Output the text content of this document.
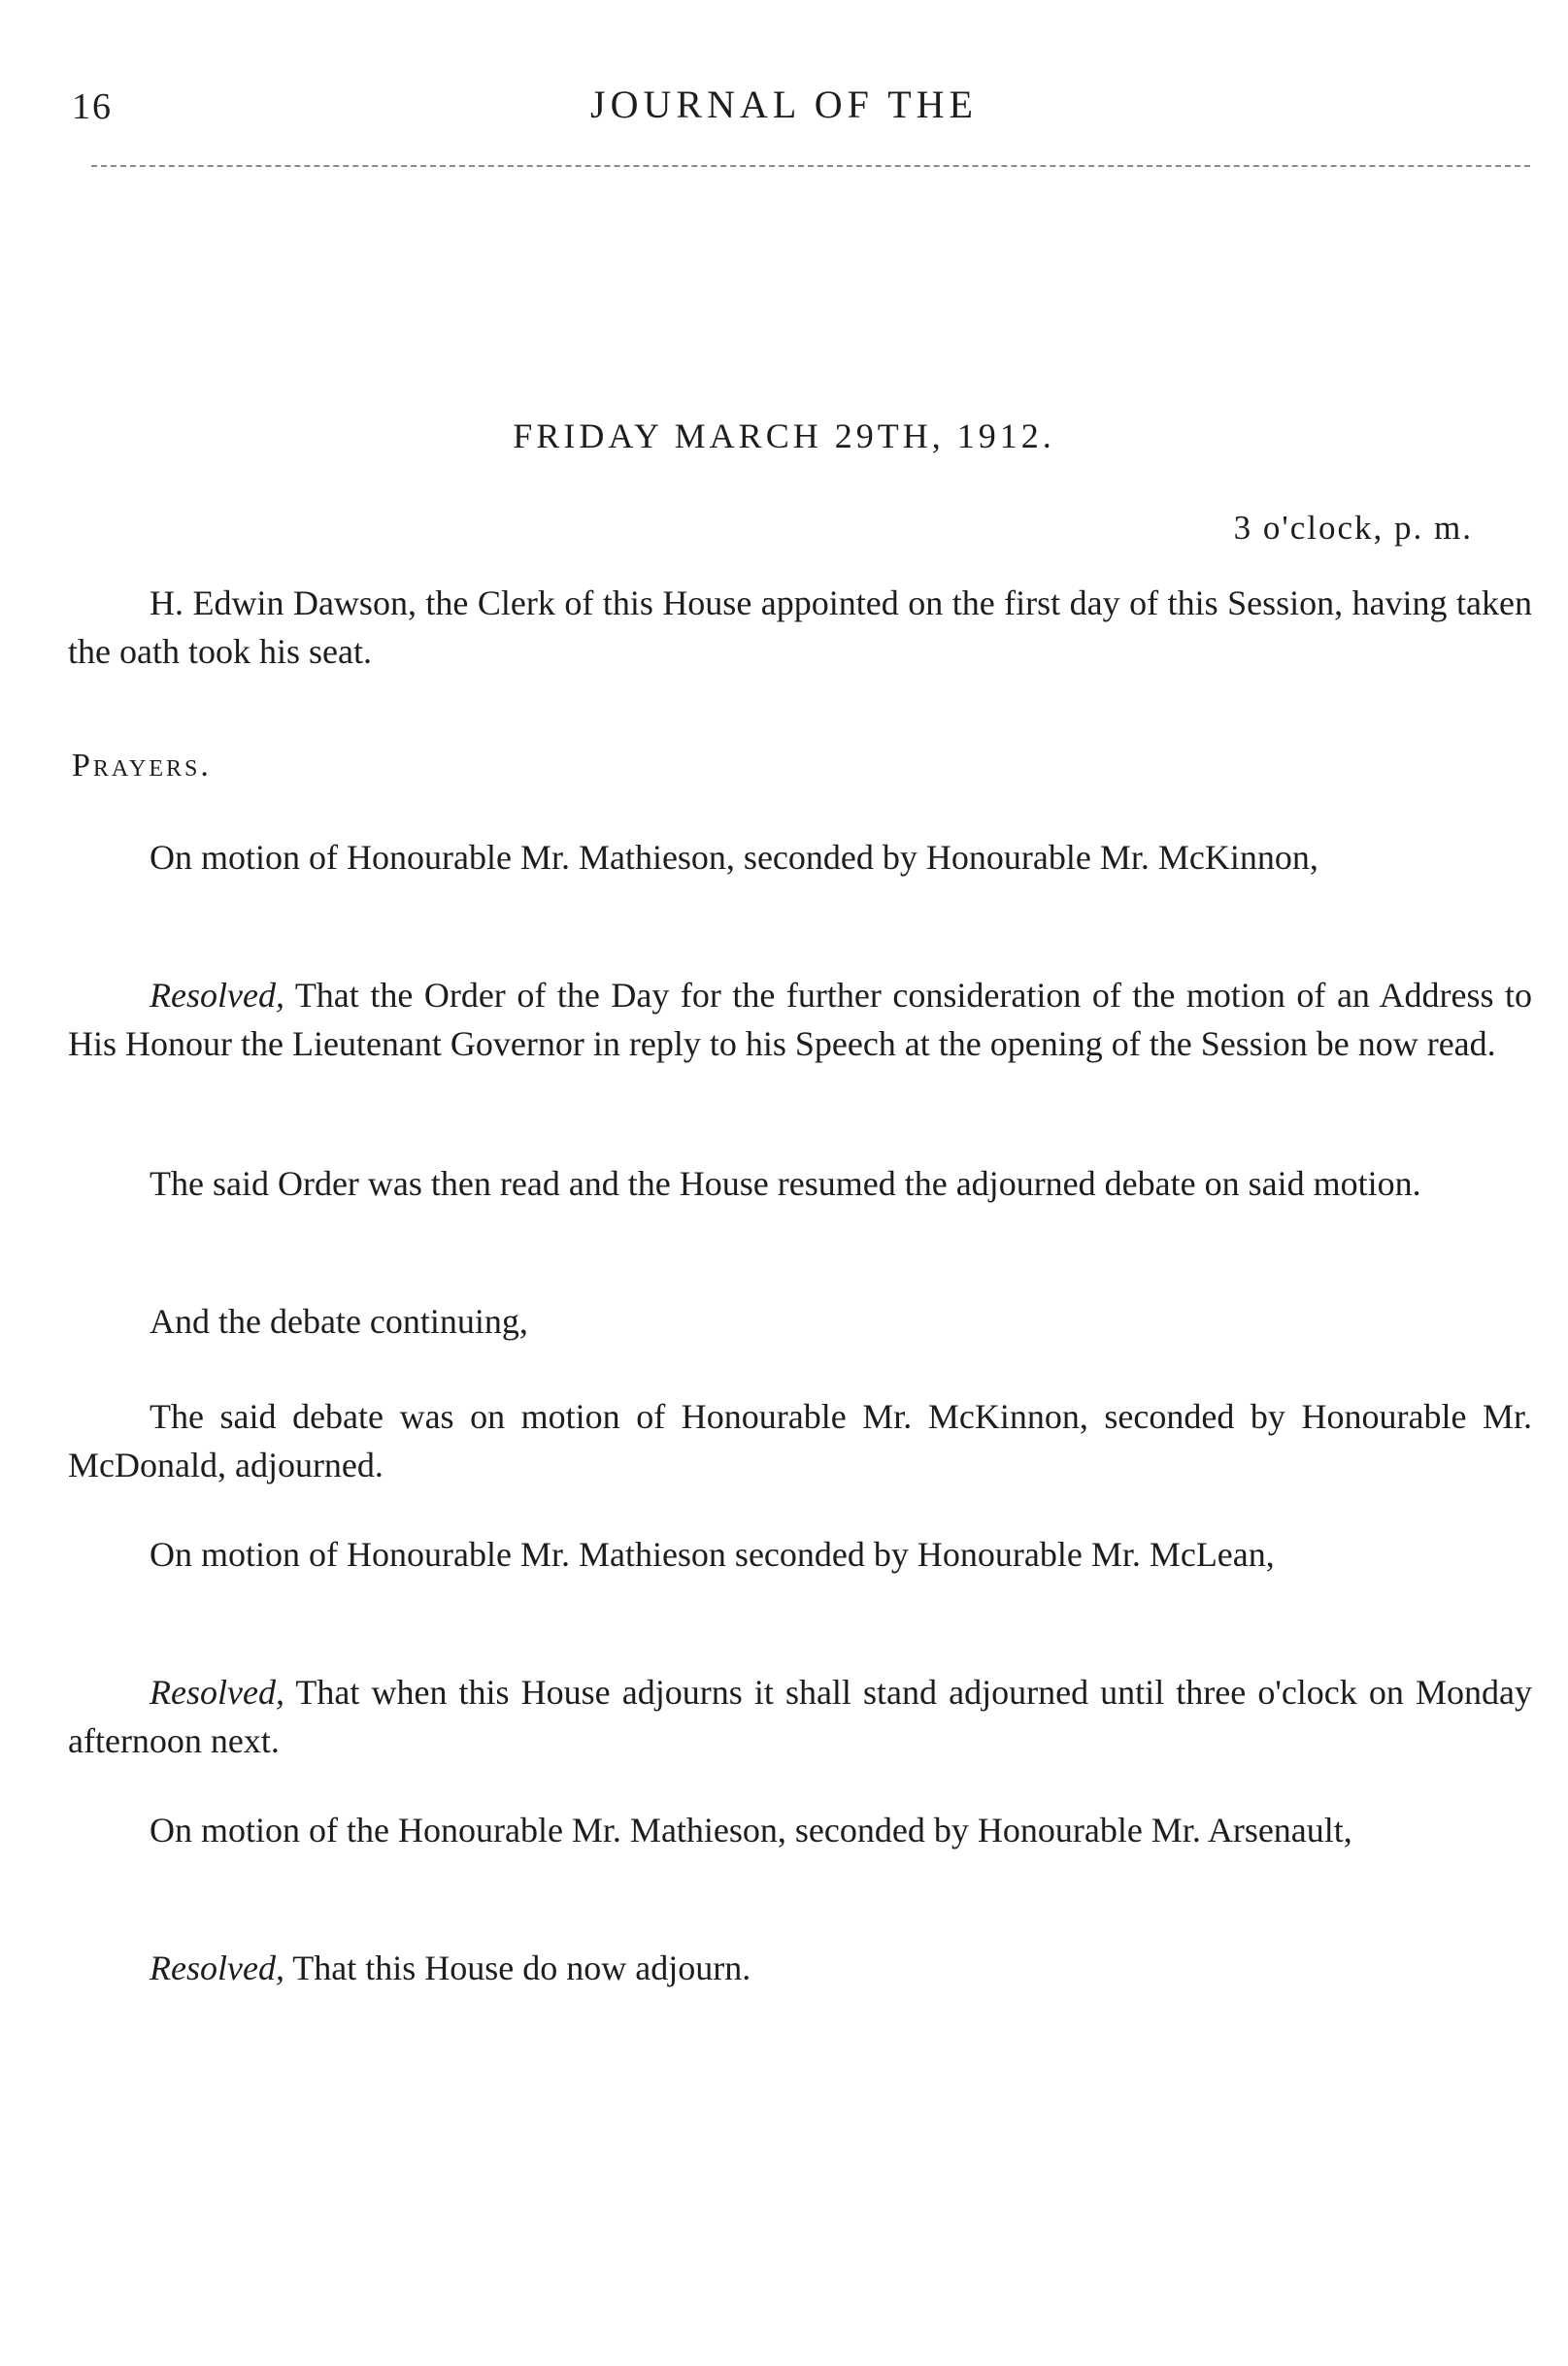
16	JOURNAL OF THE
FRIDAY MARCH 29TH, 1912.
3 o'clock, p. m.

H. Edwin Dawson, the Clerk of this House appointed on the first day of this Session, having taken the oath took his seat.

Prayers.

On motion of Honourable Mr. Mathieson, seconded by Honourable Mr. McKinnon,

Resolved, That the Order of the Day for the further consideration of the motion of an Address to His Honour the Lieutenant Governor in reply to his Speech at the opening of the Session be now read.

The said Order was then read and the House resumed the adjourned debate on said motion.

And the debate continuing,

The said debate was on motion of Honourable Mr. McKinnon, seconded by Honourable Mr. McDonald, adjourned.

On motion of Honourable Mr. Mathieson seconded by Honourable Mr. McLean,

Resolved, That when this House adjourns it shall stand adjourned until three o'clock on Monday afternoon next.

On motion of the Honourable Mr. Mathieson, seconded by Honourable Mr. Arsenault,

Resolved, That this House do now adjourn.
